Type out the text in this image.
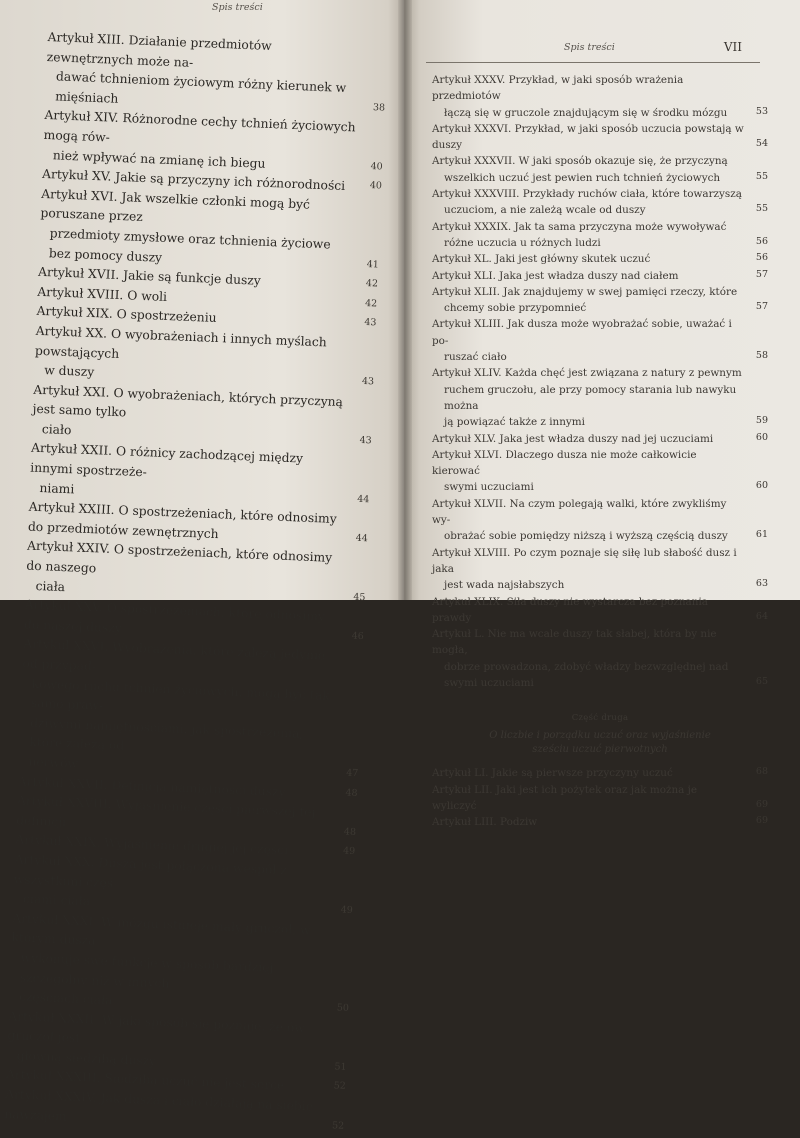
Spis treści
Artykuł XIII. Działanie przedmiotów zewnętrznych może na-
dawać tchnieniom życiowym różny kierunek w mięśniach
38
Artykuł XIV. Różnorodne cechy tchnień życiowych mogą rów-
nież wpływać na zmianę ich biegu	40
Artykuł XV. Jakie są przyczyny ich różnorodności	40
Artykuł XVI. Jak wszelkie członki mogą być poruszane przez
przedmioty zmysłowe oraz tchnienia życiowe bez pomocy duszy	41
Artykuł XVII. Jakie są funkcje duszy	42
Artykuł XVIII. O woli	42
Artykuł XIX. O spostrzeżeniu	43
Artykuł XX. O wyobrażeniach i innych myślach powstających
w duszy
43
Artykuł XXI. O wyobrażeniach, których przyczyną jest samo tylko
ciało
43
Artykuł XXII. O różnicy zachodzącej między innymi spostrzeże-
niami
44
Artykuł XXIII. O spostrzeżeniach, które odnosimy do przedmiotów zewnętrznych	44
Artykuł XXIV. O spostrzeżeniach, które odnosimy do naszego
ciała
45
Artykuł XXV. O spostrzeżeniach, które odnosimy do naszej duszy
46
Artykuł XXVI. Wyobrażenia, które zależą jedynie od przypad-
kowego ruchu tchnień życiowych, mogą być tak samo praw-
dziwymi namiętnościami, jak spostrzeżenia, które zależą od
nerwów
47
Artykuł XXVII. Definicja namiętności duszy	48
Artykuł XXVIII. Wyjaśnienie części pierwszej tej definicji
48
Artykuł XXIX. Wyjaśnienie drugiej jej części	49
Artykuł XXX. Dusza jest połączona wespół z wszystkimi częś-
ciami ciała
49
Artykuł XXXI. W mózgu istnieje mały gruczoł, w którym dusza
wykonuje swe funkcje w sposób bardziej szczególny niż w innych
częściach ciała
50
Artykuł XXXII. W jaki sposób się poznaje, że ów gruczoł jest
główną siedzibą duszy	51
Artykuł XXXIII. Siedzibą uczuć nie jest serce	52
Artykuł XXXIV. Jak dusza i ciało działają na siebie nawzajem
52
Spis treści	VII
Artykuł XXXV. Przykład, w jaki sposób wrażenia przedmiotów
łączą się w gruczole znajdującym się w środku mózgu	53
Artykuł XXXVI. Przykład, w jaki sposób uczucia powstają w duszy	54
Artykuł XXXVII. W jaki sposób okazuje się, że przyczyną
wszelkich uczuć jest pewien ruch tchnień życiowych	55
Artykuł XXXVIII. Przykłady ruchów ciała, które towarzyszą
uczuciom, a nie zależą wcale od duszy	55
Artykuł XXXIX. Jak ta sama przyczyna może wywoływać
różne uczucia u różnych ludzi	56
Artykuł XL. Jaki jest główny skutek uczuć	56
Artykuł XLI. Jaka jest władza duszy nad ciałem	57
Artykuł XLII. Jak znajdujemy w swej pamięci rzeczy, które
chcemy sobie przypomnieć	57
Artykuł XLIII. Jak dusza może wyobrażać sobie, uważać i po-
ruszać ciało	58
Artykuł XLIV. Każda chęć jest związana z natury z pewnym
ruchem gruczołu, ale przy pomocy starania lub nawyku można
ją powiązać także z innymi	59
Artykuł XLV. Jaka jest władza duszy nad jej uczuciami	60
Artykuł XLVI. Dlaczego dusza nie może całkowicie kierować
swymi uczuciami	60
Artykuł XLVII. Na czym polegają walki, które zwykliśmy wy-
obrażać sobie pomiędzy niższą i wyższą częścią duszy	61
Artykuł XLVIII. Po czym poznaje się siłę lub słabość dusz i jaka
jest wada najsłabszych	63
Artykuł XLIX. Siła duszy nie wystarcza bez poznania prawdy	64
Artykuł L. Nie ma wcale duszy tak słabej, która by nie mogła,
dobrze prowadzona, zdobyć władzy bezwzględnej nad
swymi uczuciami	65
Część druga
O liczbie i porządku uczuć oraz wyjaśnienie
sześciu uczuć pierwotnych
Artykuł LI. Jakie są pierwsze przyczyny uczuć	68
Artykuł LII. Jaki jest ich pożytek oraz jak można je wyliczyć	69
Artykuł LIII. Podziw	69
